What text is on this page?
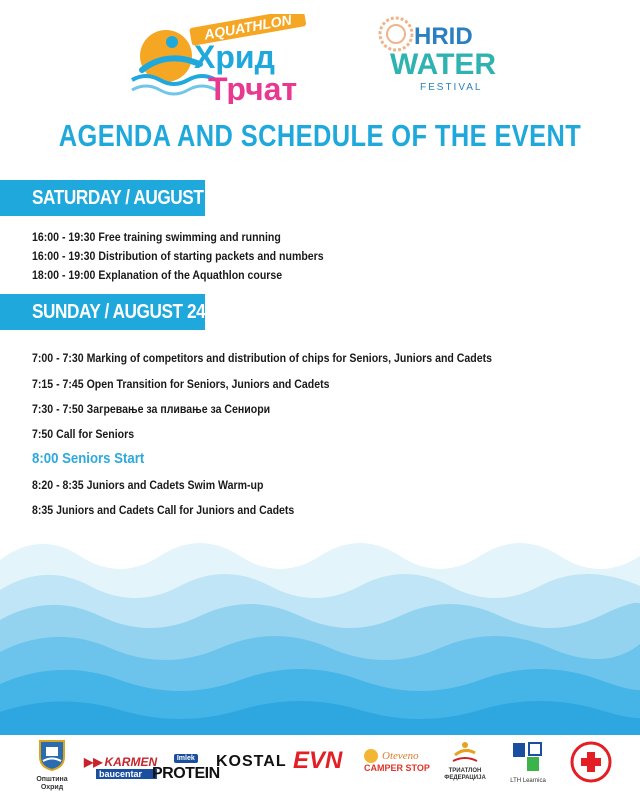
AQUATHLON
Хрид
Трчат
HRID
WATER
FESTIVAL
AGENDA AND SCHEDULE OF THE EVENT
SATURDAY / AUGUST 23
16:00 - 19:30 Free training swimming and running
16:00 - 19:30 Distribution of starting packets and numbers
18:00 - 19:00 Explanation of the Aquathlon course
SUNDAY / AUGUST 24
7:00 - 7:30 Marking of competitors and distribution of chips for Seniors, Juniors and Cadets
7:15 - 7:45 Open Transition for Seniors, Juniors and Cadets
7:30 - 7:50 Загревање за пливање за Сениори
7:50 Call for Seniors
8:00 Seniors Start
8:20 - 8:35 Juniors and Cadets Swim Warm-up
8:35 Juniors and Cadets Call for Juniors and Cadets
Општина
Охрид
▶▶ KARMEN
baucentar
Imlek
PROTEIN
KOSTAL EVN	Oteveno
CAMPER STOP	ТРИАТЛОН
ФЕДЕРАЦИЈА	LTH Learnica
ЦРВЕН КРСТ ОХРИД · RED CROSS OHRID
